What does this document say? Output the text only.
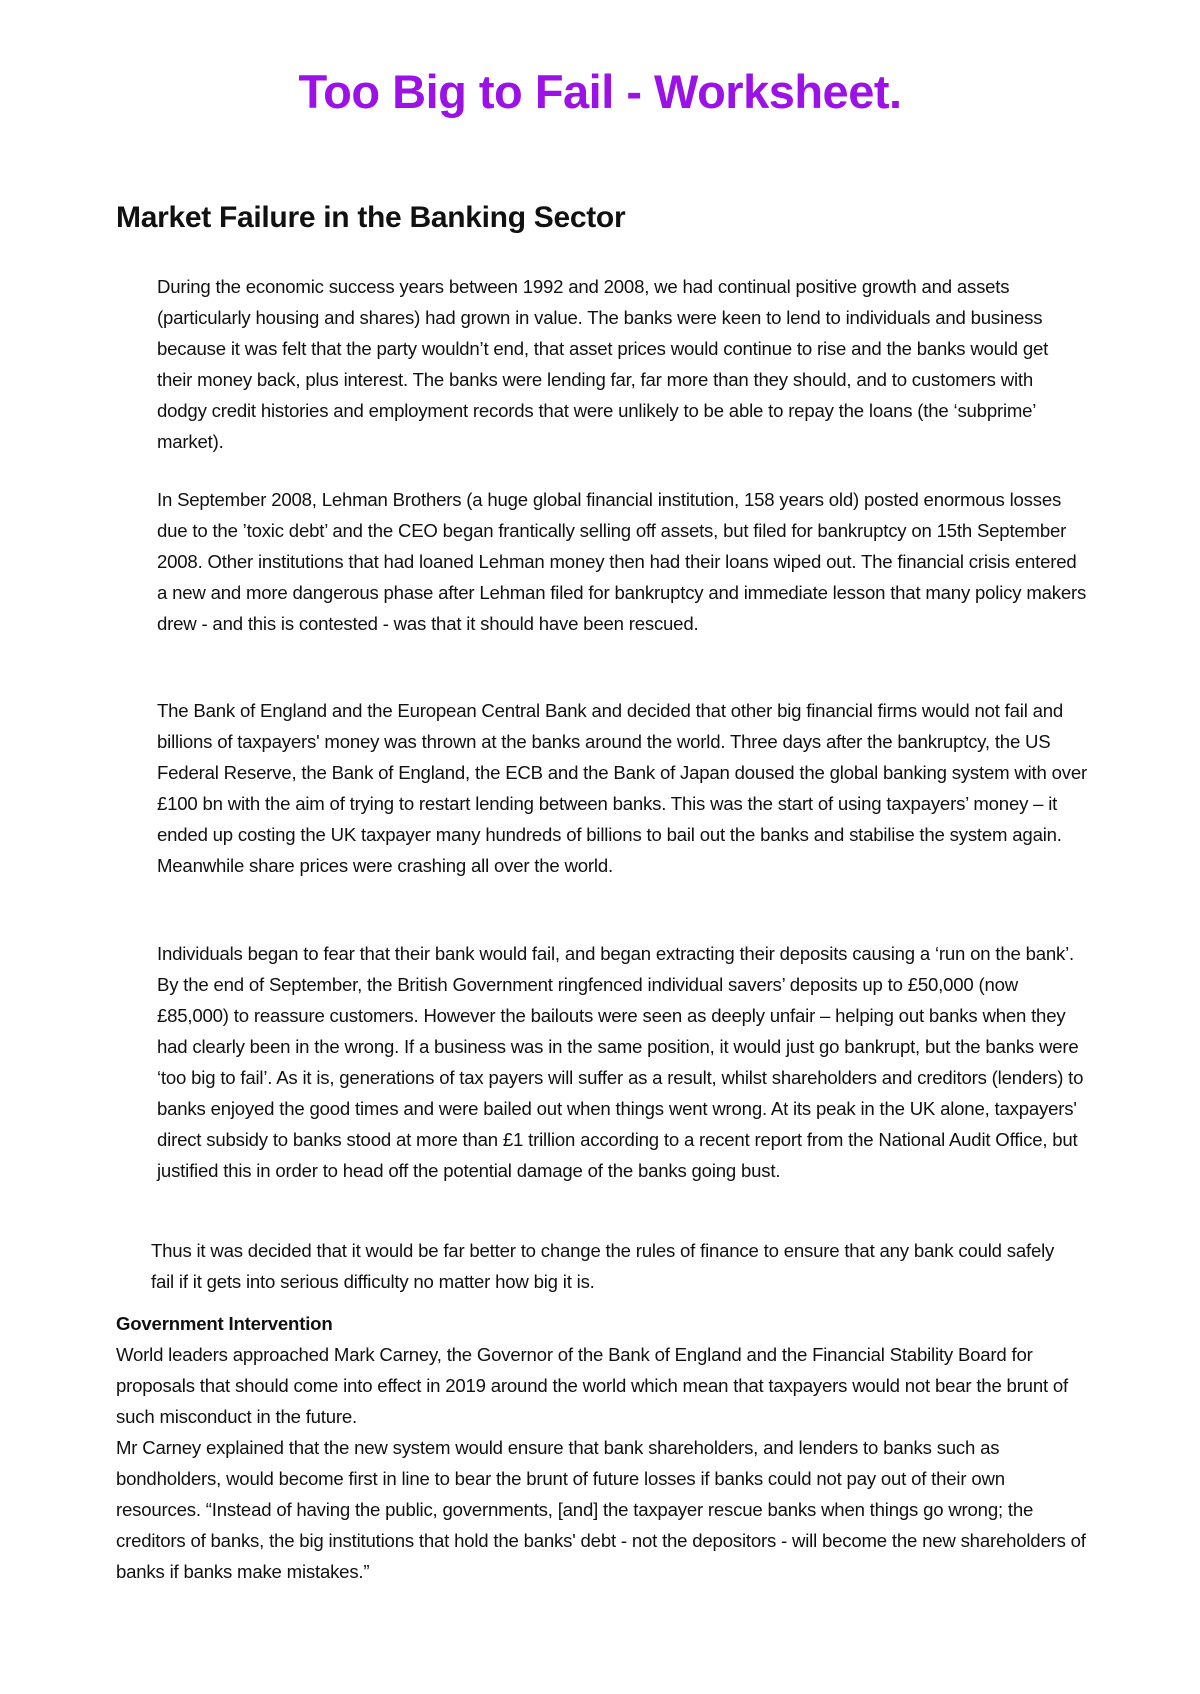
Too Big to Fail - Worksheet.
Market Failure in the Banking Sector

During the economic success years between 1992 and 2008, we had continual positive growth and assets (particularly housing and shares) had grown in value. The banks were keen to lend to individuals and business because it was felt that the party wouldn’t end, that asset prices would continue to rise and the banks would get their money back, plus interest. The banks were lending far, far more than they should, and to customers with dodgy credit histories and employment records that were unlikely to be able to repay the loans (the ‘subprime’ market).

In September 2008, Lehman Brothers (a huge global financial institution, 158 years old) posted enormous losses due to the ’toxic debt’ and the CEO began frantically selling off assets, but filed for bankruptcy on 15th September 2008. Other institutions that had loaned Lehman money then had their loans wiped out. The financial crisis entered a new and more dangerous phase after Lehman filed for bankruptcy and immediate lesson that many policy makers drew - and this is contested - was that it should have been rescued.

The Bank of England and the European Central Bank and decided that other big financial firms would not fail and billions of taxpayers' money was thrown at the banks around the world. Three days after the bankruptcy, the US Federal Reserve, the Bank of England, the ECB and the Bank of Japan doused the global banking system with over £100 bn with the aim of trying to restart lending between banks. This was the start of using taxpayers’ money – it ended up costing the UK taxpayer many hundreds of billions to bail out the banks and stabilise the system again. Meanwhile share prices were crashing all over the world.

Individuals began to fear that their bank would fail, and began extracting their deposits causing a ‘run on the bank’. By the end of September, the British Government ringfenced individual savers’ deposits up to £50,000 (now £85,000) to reassure customers. However the bailouts were seen as deeply unfair – helping out banks when they had clearly been in the wrong. If a business was in the same position, it would just go bankrupt, but the banks were ‘too big to fail’. As it is, generations of tax payers will suffer as a result, whilst shareholders and creditors (lenders) to banks enjoyed the good times and were bailed out when things went wrong. At its peak in the UK alone, taxpayers' direct subsidy to banks stood at more than £1 trillion according to a recent report from the National Audit Office, but justified this in order to head off the potential damage of the banks going bust.

Thus it was decided that it would be far better to change the rules of finance to ensure that any bank could safely fail if it gets into serious difficulty no matter how big it is.

Government Intervention

World leaders approached Mark Carney, the Governor of the Bank of England and the Financial Stability Board for proposals that should come into effect in 2019 around the world which mean that taxpayers would not bear the brunt of such misconduct in the future.

Mr Carney explained that the new system would ensure that bank shareholders, and lenders to banks such as bondholders, would become first in line to bear the brunt of future losses if banks could not pay out of their own resources. “Instead of having the public, governments, [and] the taxpayer rescue banks when things go wrong; the creditors of banks, the big institutions that hold the banks' debt - not the depositors - will become the new shareholders of banks if banks make mistakes.”
